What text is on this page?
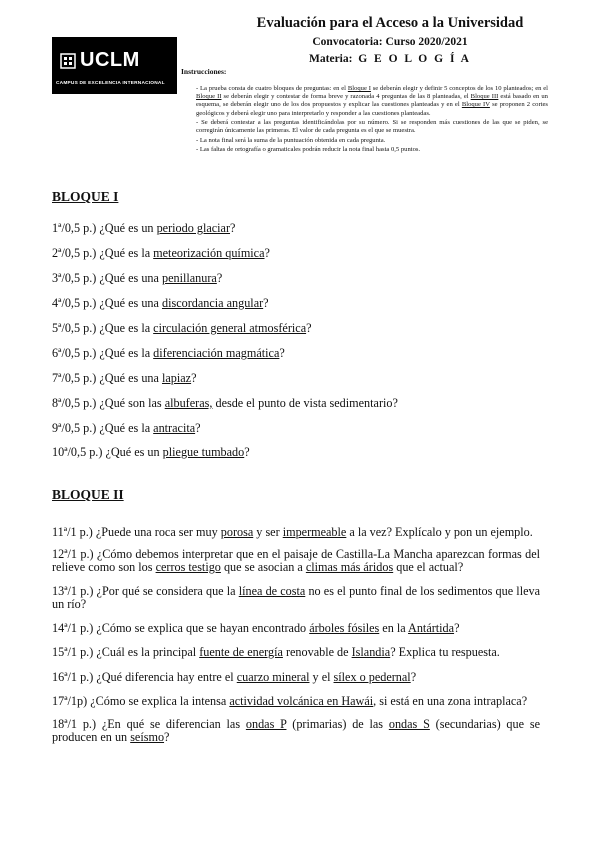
Evaluación para el Acceso a la Universidad
Convocatoria: Curso 2020/2021
Materia: G E O L O G Í A
UCLM
CAMPUS DE EXCELENCIA INTERNACIONAL
Instrucciones:
- La prueba consta de cuatro bloques de preguntas: en el Bloque I se deberán elegir y definir 5 conceptos de los 10 planteados; en el Bloque II se deberán elegir y contestar de forma breve y razonada 4 preguntas de las 8 planteadas, el Bloque III está basado en un esquema, se deberán elegir uno de los dos propuestos y explicar las cuestiones planteadas y en el Bloque IV se proponen 2 cortes geológicos y deberá elegir uno para interpretarlo y responder a las cuestiones planteadas.
- Se deberá contestar a las preguntas identificándolas por su número. Si se responden más cuestiones de las que se piden, se corregirán únicamente las primeras. El valor de cada pregunta es el que se muestra.
- La nota final será la suma de la puntuación obtenida en cada pregunta.
- Las faltas de ortografía o gramaticales podrán reducir la nota final hasta 0,5 puntos.
BLOQUE I
1ª/0,5 p.) ¿Qué es un periodo glaciar?
2ª/0,5 p.) ¿Qué es la meteorización química?
3ª/0,5 p.) ¿Qué es una penillanura?
4ª/0,5 p.) ¿Qué es una discordancia angular?
5ª/0,5 p.) ¿Que es la circulación general atmosférica?
6ª/0,5 p.) ¿Qué es la diferenciación magmática?
7ª/0,5 p.) ¿Qué es una lapiaz?
8ª/0,5 p.) ¿Qué son las albuferas, desde el punto de vista sedimentario?
9ª/0,5 p.) ¿Qué es la antracita?
10ª/0,5 p.) ¿Qué es un pliegue tumbado?
BLOQUE II
11ª/1 p.) ¿Puede una roca ser muy porosa y ser impermeable a la vez? Explícalo y pon un ejemplo.
12ª/1 p.) ¿Cómo debemos interpretar que en el paisaje de Castilla-La Mancha aparezcan formas del relieve como son los cerros testigo que se asocian a climas más áridos que el actual?
13ª/1 p.) ¿Por qué se considera que la línea de costa no es el punto final de los sedimentos que lleva un río?
14ª/1 p.) ¿Cómo se explica que se hayan encontrado árboles fósiles en la Antártida?
15ª/1 p.) ¿Cuál es la principal fuente de energía renovable de Islandia? Explica tu respuesta.
16ª/1 p.) ¿Qué diferencia hay entre el cuarzo mineral y el sílex o pedernal?
17ª/1p) ¿Cómo se explica la intensa actividad volcánica en Hawái, si está en una zona intraplaca?
18ª/1 p.) ¿En qué se diferencian las ondas P (primarias) de las ondas S (secundarias) que se producen en un seísmo?
